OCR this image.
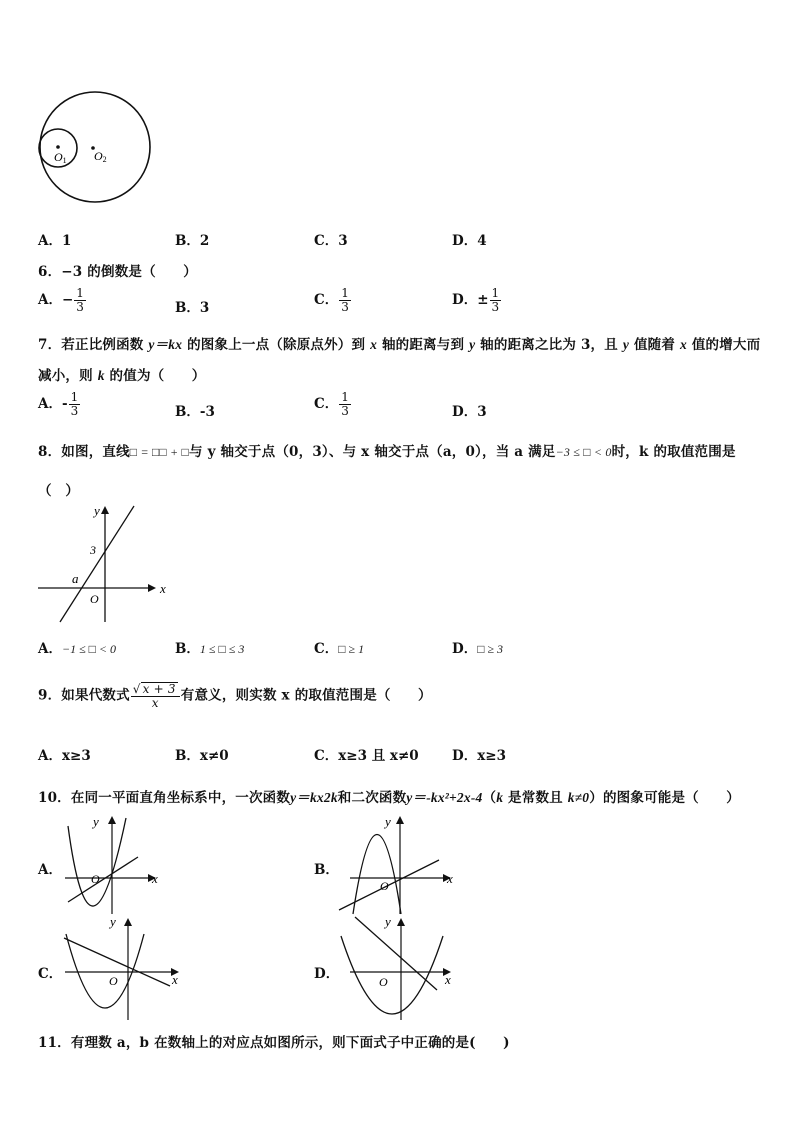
O1 O2
A．1	B．2	C．3	D．4
6．−3 的倒数是（　　）
A．− $\frac{1}{3}$	B．3	C． $\frac{1}{3}$	D．± $\frac{1}{3}$
7．若正比例函数 y＝kx 的图象上一点（除原点外）到 x 轴的距离与到 y 轴的距离之比为 3，且 y 值随着 x 值的增大而
减小，则 k 的值为（　　）
A．- $\frac{1}{3}$	B．-3	C． $\frac{1}{3}$	D．3
8．如图，直线□ = □□ + □与 y 轴交于点（0，3）、与 x 轴交于点（a，0），当 a 满足−3 ≤ □ < 0时，k 的取值范围是
（　）
y
x
3
a
O
A．−1 ≤ □ < 0	B．1 ≤ □ ≤ 3	C．□ ≥ 1	D．□ ≥ 3
9．如果代数式 $\frac{√ x + 3}{x}$ 有意义，则实数 x 的取值范围是（　　）
A．x≥3	B．x≠0	C．x≥3 且 x≠0 D．x≥3
10．在同一平面直角坐标系中，一次函数y＝kx2k和二次函数y＝-kx²+2x-4（k 是常数且 k≠0）的图象可能是（　　）
A．
y
x
O
B．
y
x
O
C．
y
x
O	D．
y
x
O
11．有理数 a，b 在数轴上的对应点如图所示，则下面式子中正确的是(　　)
